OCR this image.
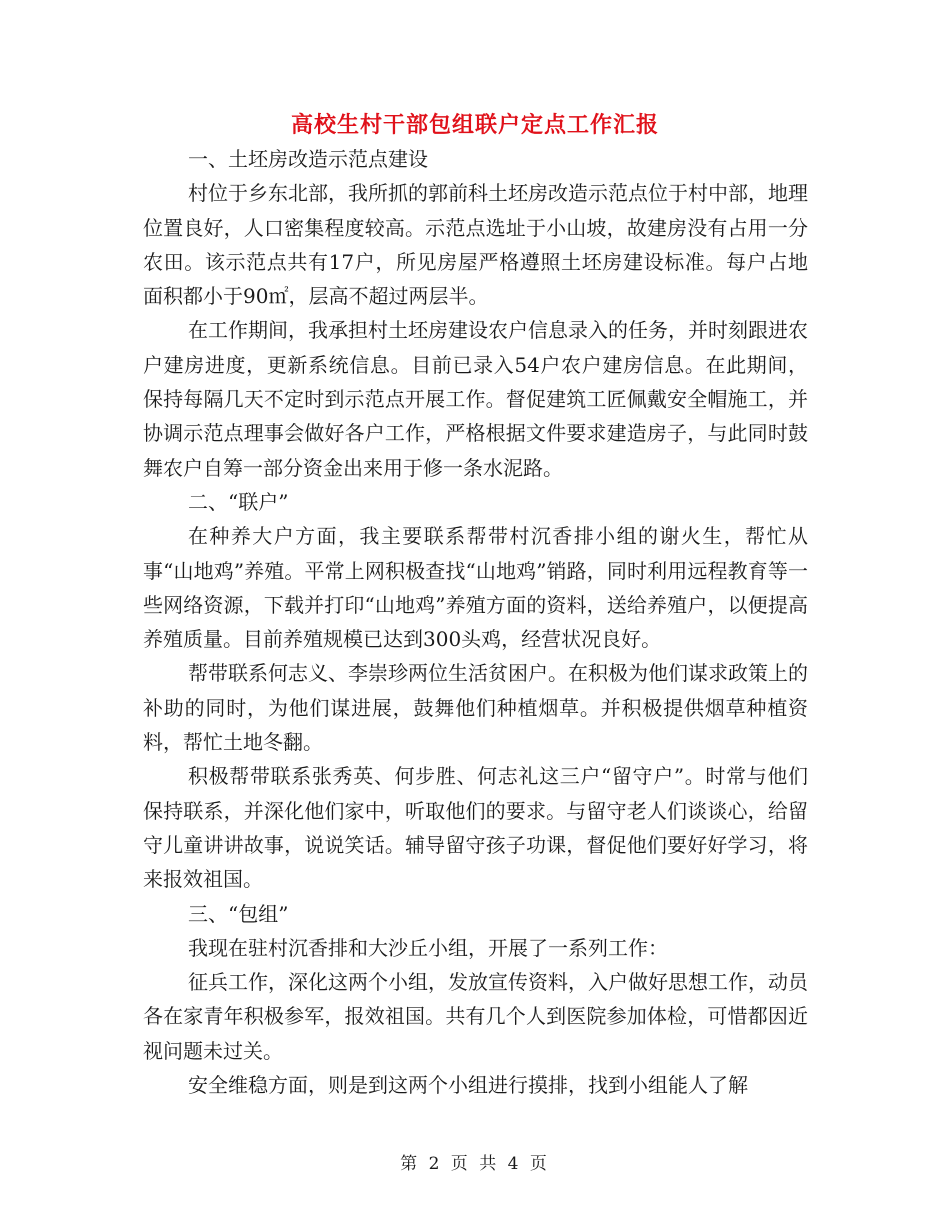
高校生村干部包组联户定点工作汇报

一、土坯房改造示范点建设

村位于乡东北部，我所抓的郭前科土坯房改造示范点位于村中部，地理位置良好，人口密集程度较高。示范点选址于小山坡，故建房没有占用一分农田。该示范点共有17户，所见房屋严格遵照土坯房建设标准。每户占地面积都小于90㎡，层高不超过两层半。

在工作期间，我承担村土坯房建设农户信息录入的任务，并时刻跟进农户建房进度，更新系统信息。目前已录入54户农户建房信息。在此期间，保持每隔几天不定时到示范点开展工作。督促建筑工匠佩戴安全帽施工，并协调示范点理事会做好各户工作，严格根据文件要求建造房子，与此同时鼓舞农户自筹一部分资金出来用于修一条水泥路。

二、“联户”

在种养大户方面，我主要联系帮带村沉香排小组的谢火生，帮忙从事“山地鸡”养殖。平常上网积极查找“山地鸡”销路，同时利用远程教育等一些网络资源，下载并打印“山地鸡”养殖方面的资料，送给养殖户，以便提高养殖质量。目前养殖规模已达到300头鸡，经营状况良好。

帮带联系何志义、李崇珍两位生活贫困户。在积极为他们谋求政策上的补助的同时，为他们谋进展，鼓舞他们种植烟草。并积极提供烟草种植资料，帮忙土地冬翻。

积极帮带联系张秀英、何步胜、何志礼这三户“留守户”。时常与他们保持联系，并深化他们家中，听取他们的要求。与留守老人们谈谈心，给留守儿童讲讲故事，说说笑话。辅导留守孩子功课，督促他们要好好学习，将来报效祖国。

三、“包组”

我现在驻村沉香排和大沙丘小组，开展了一系列工作：

征兵工作，深化这两个小组，发放宣传资料，入户做好思想工作，动员各在家青年积极参军，报效祖国。共有几个人到医院参加体检，可惜都因近视问题未过关。

安全维稳方面，则是到这两个小组进行摸排，找到小组能人了解

第 2 页 共 4 页
